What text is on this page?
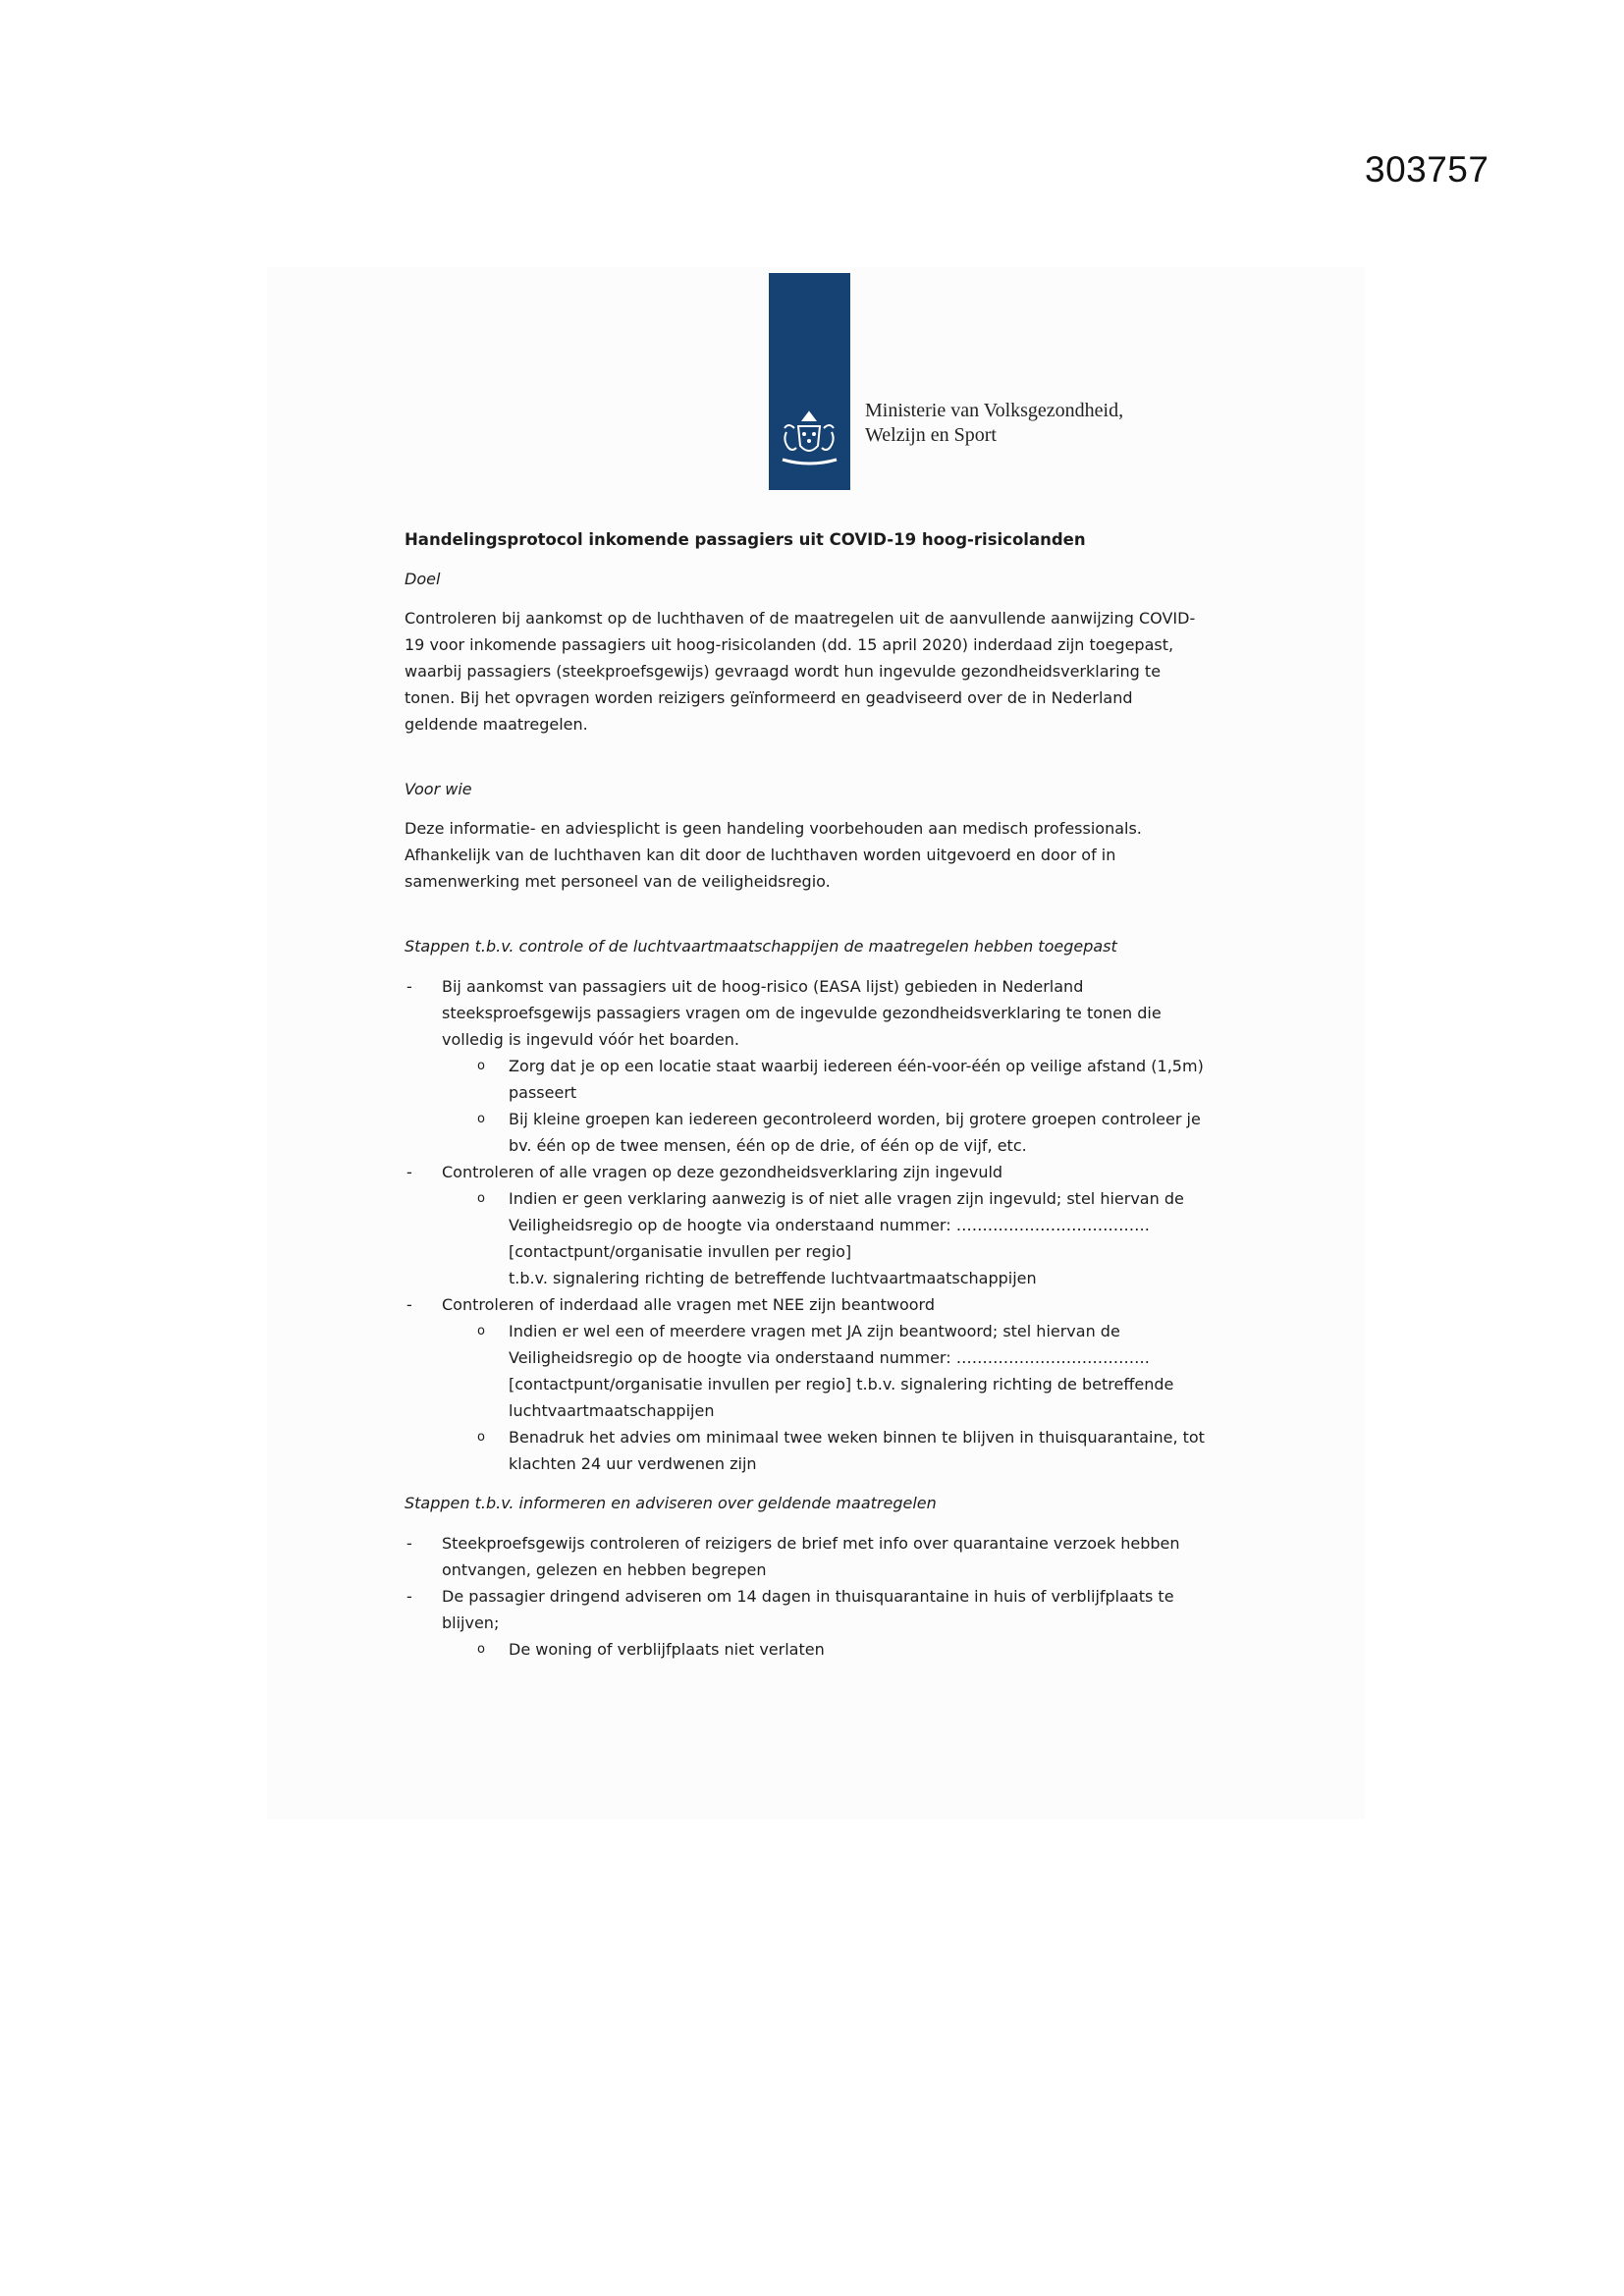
303757
Ministerie van Volksgezondheid,
Welzijn en Sport
Handelingsprotocol inkomende passagiers uit COVID-19 hoog-risicolanden
Doel
Controleren bij aankomst op de luchthaven of de maatregelen uit de aanvullende aanwijzing COVID-
19 voor inkomende passagiers uit hoog-risicolanden (dd. 15 april 2020) inderdaad zijn toegepast,
waarbij passagiers (steekproefsgewijs) gevraagd wordt hun ingevulde gezondheidsverklaring te
tonen. Bij het opvragen worden reizigers geïnformeerd en geadviseerd over de in Nederland
geldende maatregelen.
Voor wie
Deze informatie- en adviesplicht is geen handeling voorbehouden aan medisch professionals.
Afhankelijk van de luchthaven kan dit door de luchthaven worden uitgevoerd en door of in
samenwerking met personeel van de veiligheidsregio.
Stappen t.b.v. controle of de luchtvaartmaatschappijen de maatregelen hebben toegepast
- Bij aankomst van passagiers uit de hoog-risico (EASA lijst) gebieden in Nederland
steeksproefsgewijs passagiers vragen om de ingevulde gezondheidsverklaring te tonen die
volledig is ingevuld vóór het boarden.
o Zorg dat je op een locatie staat waarbij iedereen één-voor-één op veilige afstand (1,5m)
passeert
o Bij kleine groepen kan iedereen gecontroleerd worden, bij grotere groepen controleer je
bv. één op de twee mensen, één op de drie, of één op de vijf, etc.
- Controleren of alle vragen op deze gezondheidsverklaring zijn ingevuld
o Indien er geen verklaring aanwezig is of niet alle vragen zijn ingevuld; stel hiervan de
Veiligheidsregio op de hoogte via onderstaand nummer: ……………………………….
[contactpunt/organisatie invullen per regio]
t.b.v. signalering richting de betreffende luchtvaartmaatschappijen
- Controleren of inderdaad alle vragen met NEE zijn beantwoord
o Indien er wel een of meerdere vragen met JA zijn beantwoord; stel hiervan de
Veiligheidsregio op de hoogte via onderstaand nummer: ……………………………….
[contactpunt/organisatie invullen per regio] t.b.v. signalering richting de betreffende
luchtvaartmaatschappijen
o Benadruk het advies om minimaal twee weken binnen te blijven in thuisquarantaine, tot
klachten 24 uur verdwenen zijn
Stappen t.b.v. informeren en adviseren over geldende maatregelen
- Steekproefsgewijs controleren of reizigers de brief met info over quarantaine verzoek hebben
ontvangen, gelezen en hebben begrepen
- De passagier dringend adviseren om 14 dagen in thuisquarantaine in huis of verblijfplaats te
blijven;
o De woning of verblijfplaats niet verlaten
